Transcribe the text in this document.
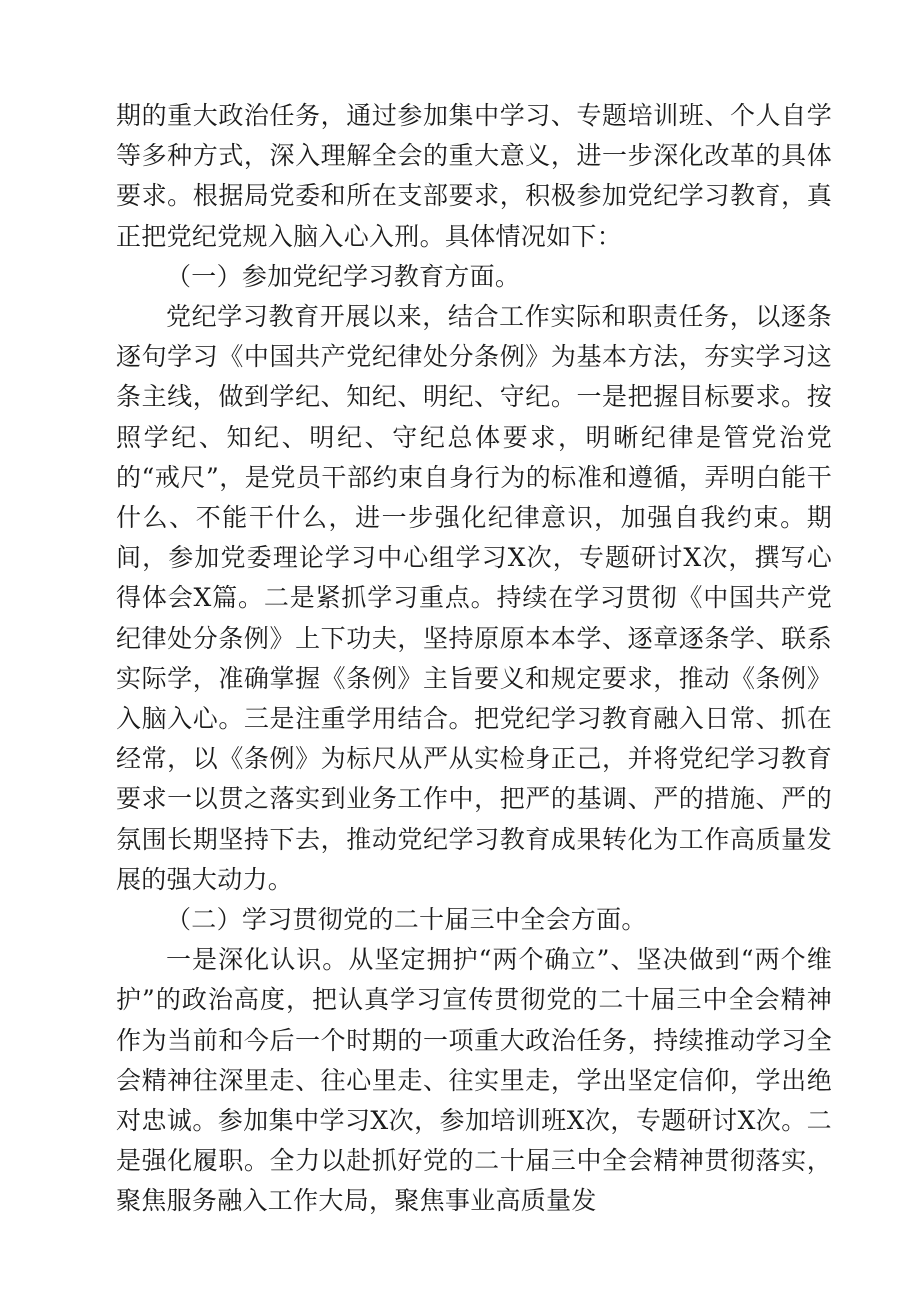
期的重大政治任务，通过参加集中学习、专题培训班、个人自学等多种方式，深入理解全会的重大意义，进一步深化改革的具体要求。根据局党委和所在支部要求，积极参加党纪学习教育，真正把党纪党规入脑入心入刑。具体情况如下：

（一）参加党纪学习教育方面。

党纪学习教育开展以来，结合工作实际和职责任务，以逐条逐句学习《中国共产党纪律处分条例》为基本方法，夯实学习这条主线，做到学纪、知纪、明纪、守纪。一是把握目标要求。按照学纪、知纪、明纪、守纪总体要求，明晰纪律是管党治党的“戒尺”，是党员干部约束自身行为的标准和遵循，弄明白能干什么、不能干什么，进一步强化纪律意识，加强自我约束。期间，参加党委理论学习中心组学习X次，专题研讨X次，撰写心得体会X篇。二是紧抓学习重点。持续在学习贯彻《中国共产党纪律处分条例》上下功夫，坚持原原本本学、逐章逐条学、联系实际学，准确掌握《条例》主旨要义和规定要求，推动《条例》入脑入心。三是注重学用结合。把党纪学习教育融入日常、抓在经常，以《条例》为标尺从严从实检身正己，并将党纪学习教育要求一以贯之落实到业务工作中，把严的基调、严的措施、严的氛围长期坚持下去，推动党纪学习教育成果转化为工作高质量发展的强大动力。

（二）学习贯彻党的二十届三中全会方面。

一是深化认识。从坚定拥护“两个确立”、坚决做到“两个维护”的政治高度，把认真学习宣传贯彻党的二十届三中全会精神作为当前和今后一个时期的一项重大政治任务，持续推动学习全会精神往深里走、往心里走、往实里走，学出坚定信仰，学出绝对忠诚。参加集中学习X次，参加培训班X次，专题研讨X次。二是强化履职。全力以赴抓好党的二十届三中全会精神贯彻落实，聚焦服务融入工作大局，聚焦事业高质量发
